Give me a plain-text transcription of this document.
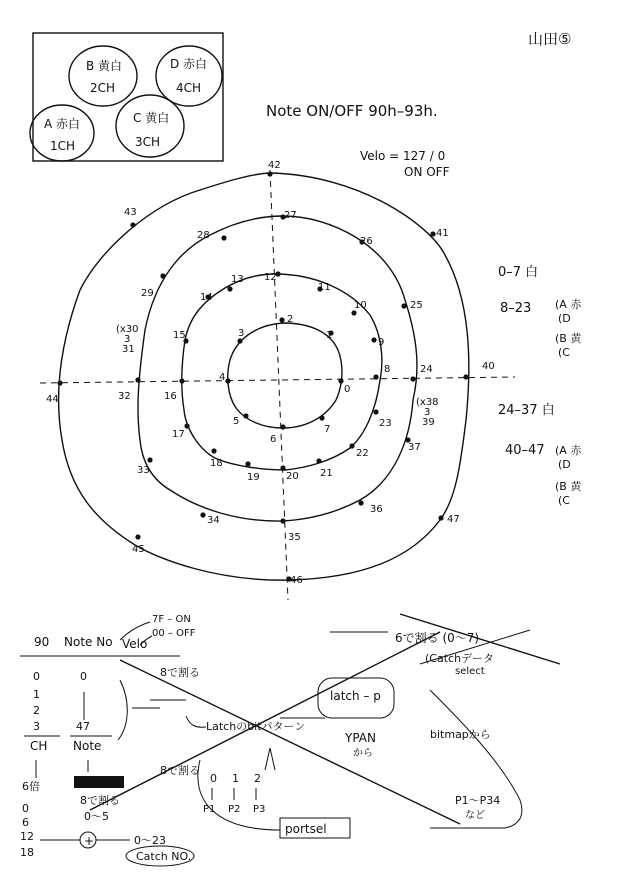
山田⑤
B 黄白
2CH
D 赤白
4CH
A 赤白
1CH
C 黄白
3CH
Note ON/OFF 90h–93h.
Velo = 127 / 0
ON OFF
0
1
2
3
4
5
6
7
8
9
10
11
12
13
14
15
16
17
18
19	20 21
22
23
24
25
26
27
28
29
32
33
34
35
36
37
40
41
42
43
44
45
46
47
(x30 3 31
(x38 3 39
0–7 白
8–23 (A 赤
(D
(B 黄
(C
24–37 白
40–47 (A 赤
(D
(B 黄
(C
7F – ON
00 – OFF
90 Note No Velo
0
1
2
3
CH
0
47
Note
6倍
0
6
12
18
8で割る
0～5
+	0～23
Catch NO.
8で割る
Latchのbitパターン
latch – p
YPAN
から
8で割る
0 1 2
P1 P2 P3
portsel
6で割る (0～7)
(Catchデータ
select
bitmapから
P1～P34
など
